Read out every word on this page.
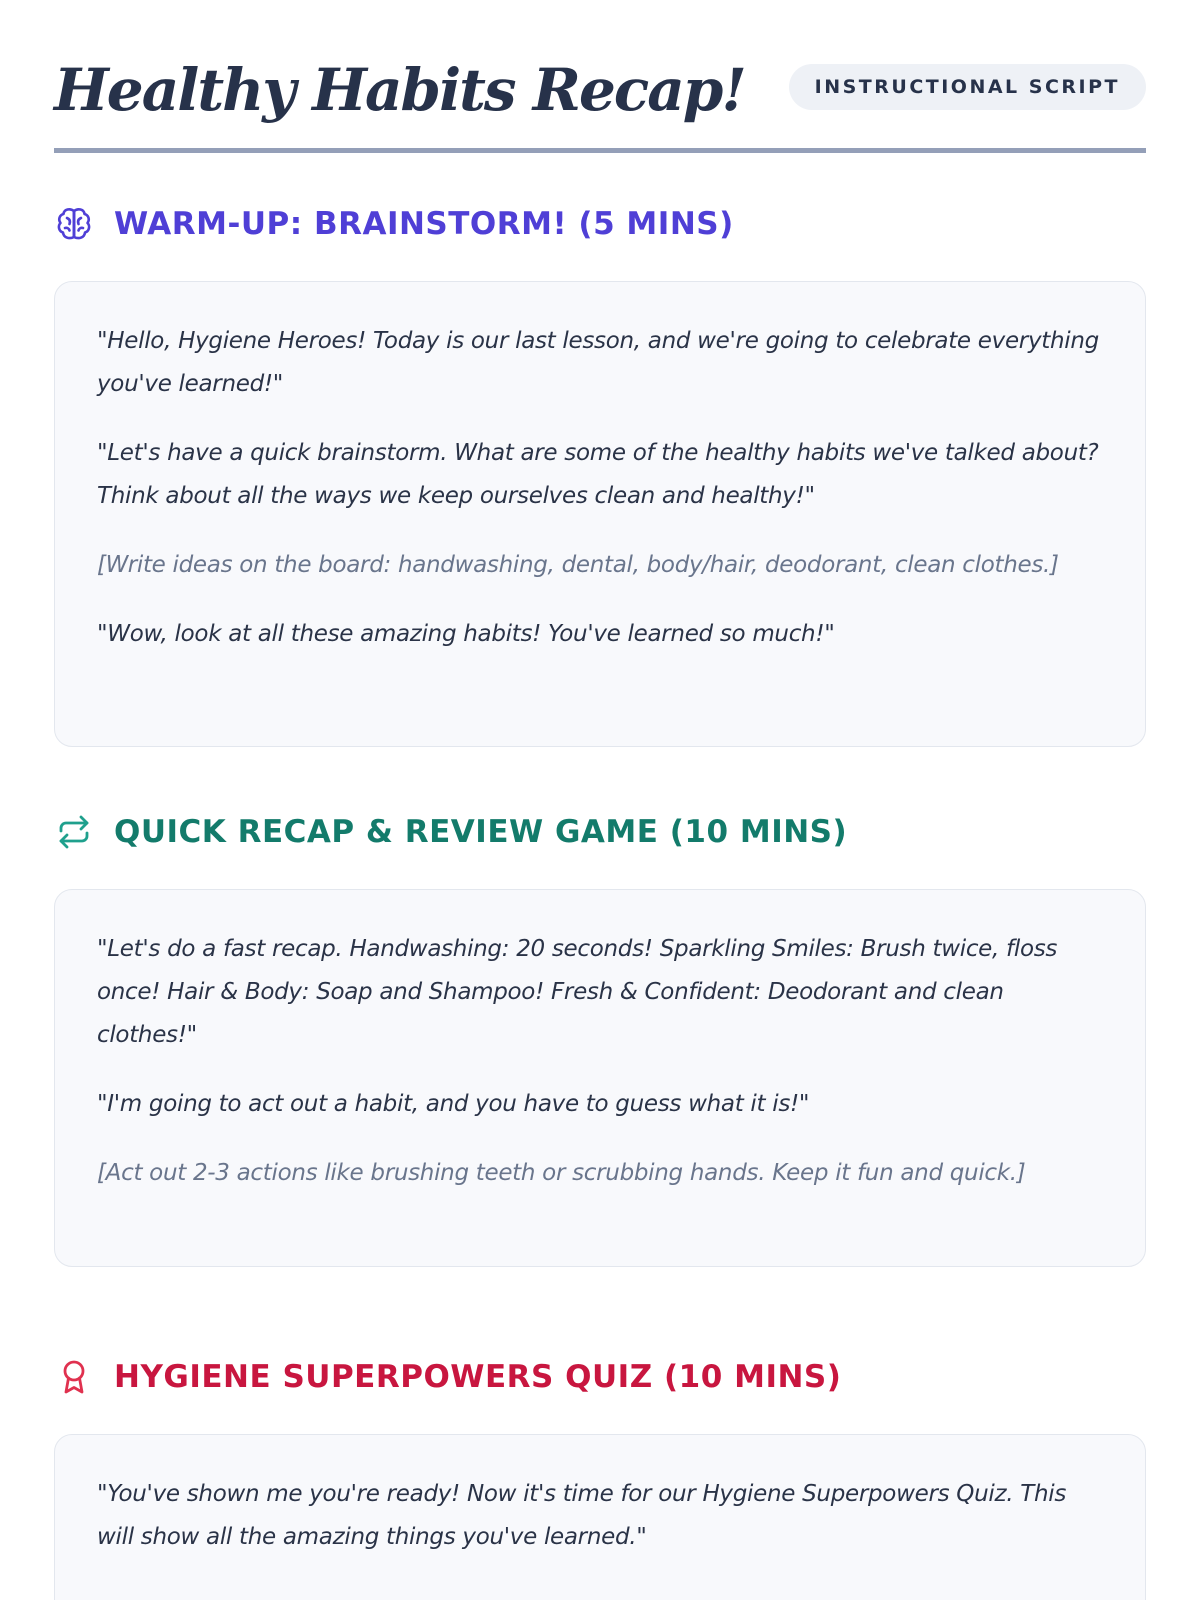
Healthy Habits Recap!	INSTRUCTIONAL SCRIPT
WARM-UP: BRAINSTORM! (5 MINS)

"Hello, Hygiene Heroes! Today is our last lesson, and we're going to celebrate everything you've learned!"

"Let's have a quick brainstorm. What are some of the healthy habits we've talked about? Think about all the ways we keep ourselves clean and healthy!"

[Write ideas on the board: handwashing, dental, body/hair, deodorant, clean clothes.]

"Wow, look at all these amazing habits! You've learned so much!"

QUICK RECAP & REVIEW GAME (10 MINS)

"Let's do a fast recap. Handwashing: 20 seconds! Sparkling Smiles: Brush twice, floss once! Hair & Body: Soap and Shampoo! Fresh & Confident: Deodorant and clean clothes!"

"I'm going to act out a habit, and you have to guess what it is!"

[Act out 2-3 actions like brushing teeth or scrubbing hands. Keep it fun and quick.]

HYGIENE SUPERPOWERS QUIZ (10 MINS)

"You've shown me you're ready! Now it's time for our Hygiene Superpowers Quiz. This will show all the amazing things you've learned."
